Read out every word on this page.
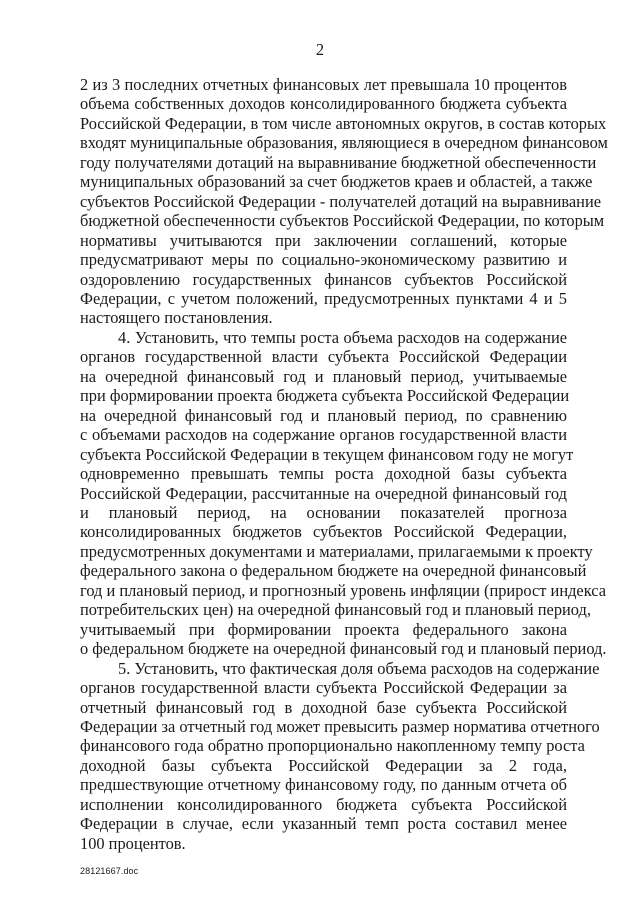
2

2 из 3 последних отчетных финансовых лет превышала 10 процентов
объема собственных доходов консолидированного бюджета субъекта
Российской Федерации, в том числе автономных округов, в состав которых
входят муниципальные образования, являющиеся в очередном финансовом
году получателями дотаций на выравнивание бюджетной обеспеченности
муниципальных образований за счет бюджетов краев и областей, а также
субъектов Российской Федерации - получателей дотаций на выравнивание
бюджетной обеспеченности субъектов Российской Федерации, по которым
нормативы учитываются при заключении соглашений, которые
предусматривают меры по социально-экономическому развитию и
оздоровлению государственных финансов субъектов Российской
Федерации, с учетом положений, предусмотренных пунктами 4 и 5
настоящего постановления.

4. Установить, что темпы роста объема расходов на содержание
органов государственной власти субъекта Российской Федерации
на очередной финансовый год и плановый период, учитываемые
при формировании проекта бюджета субъекта Российской Федерации
на очередной финансовый год и плановый период, по сравнению
с объемами расходов на содержание органов государственной власти
субъекта Российской Федерации в текущем финансовом году не могут
одновременно превышать темпы роста доходной базы субъекта
Российской Федерации, рассчитанные на очередной финансовый год
и плановый период, на основании показателей прогноза
консолидированных бюджетов субъектов Российской Федерации,
предусмотренных документами и материалами, прилагаемыми к проекту
федерального закона о федеральном бюджете на очередной финансовый
год и плановый период, и прогнозный уровень инфляции (прирост индекса
потребительских цен) на очередной финансовый год и плановый период,
учитываемый при формировании проекта федерального закона
о федеральном бюджете на очередной финансовый год и плановый период.

5. Установить, что фактическая доля объема расходов на содержание
органов государственной власти субъекта Российской Федерации за
отчетный финансовый год в доходной базе субъекта Российской
Федерации за отчетный год может превысить размер норматива отчетного
финансового года обратно пропорционально накопленному темпу роста
доходной базы субъекта Российской Федерации за 2 года,
предшествующие отчетному финансовому году, по данным отчета об
исполнении консолидированного бюджета субъекта Российской
Федерации в случае, если указанный темп роста составил менее
100 процентов.

28121667.doc
